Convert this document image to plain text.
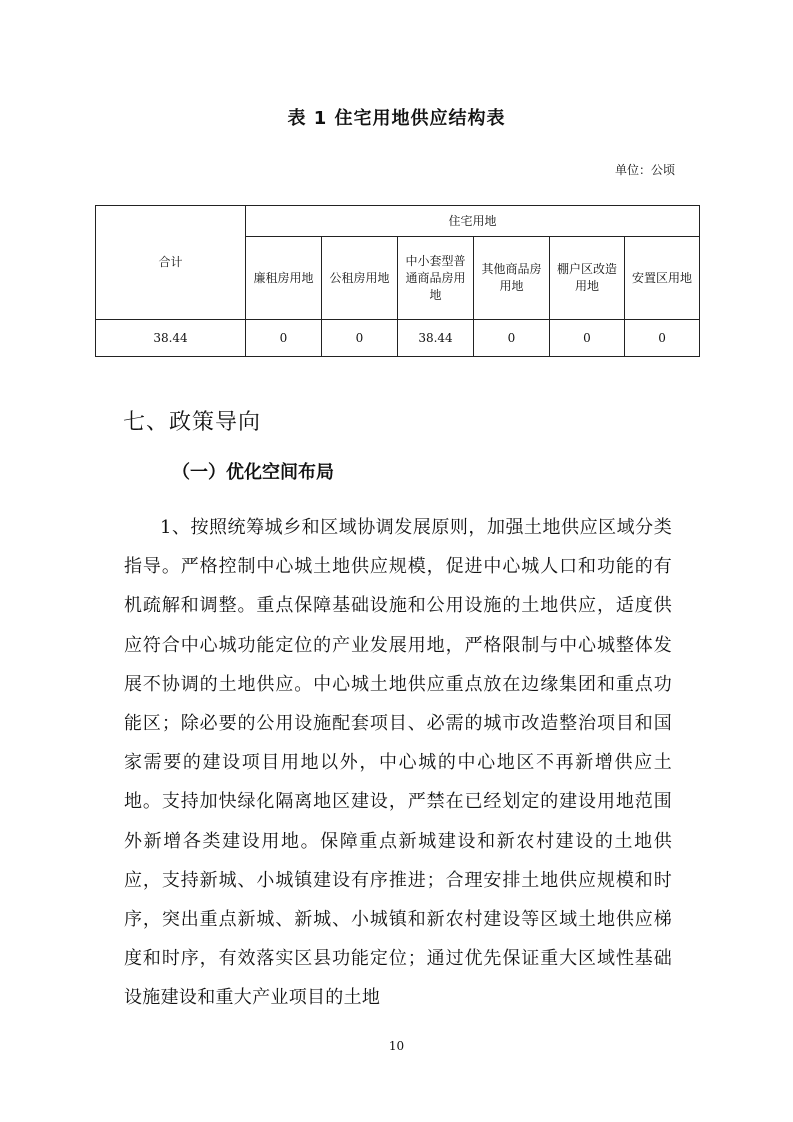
表 1 住宅用地供应结构表
单位：公顷
合计	住宅用地					
	廉租房用地	公租房用地	中小套型普通商品房用地	其他商品房用地	棚户区改造用地	安置区用地
38.44	0	0	38.44	0	0	0
七、政策导向
（一）优化空间布局

1、按照统筹城乡和区域协调发展原则，加强土地供应区域分类指导。严格控制中心城土地供应规模，促进中心城人口和功能的有机疏解和调整。重点保障基础设施和公用设施的土地供应，适度供应符合中心城功能定位的产业发展用地，严格限制与中心城整体发展不协调的土地供应。中心城土地供应重点放在边缘集团和重点功能区；除必要的公用设施配套项目、必需的城市改造整治项目和国家需要的建设项目用地以外，中心城的中心地区不再新增供应土地。支持加快绿化隔离地区建设，严禁在已经划定的建设用地范围外新增各类建设用地。保障重点新城建设和新农村建设的土地供应，支持新城、小城镇建设有序推进；合理安排土地供应规模和时序，突出重点新城、新城、小城镇和新农村建设等区域土地供应梯度和时序，有效落实区县功能定位；通过优先保证重大区域性基础设施建设和重大产业项目的土地

10
